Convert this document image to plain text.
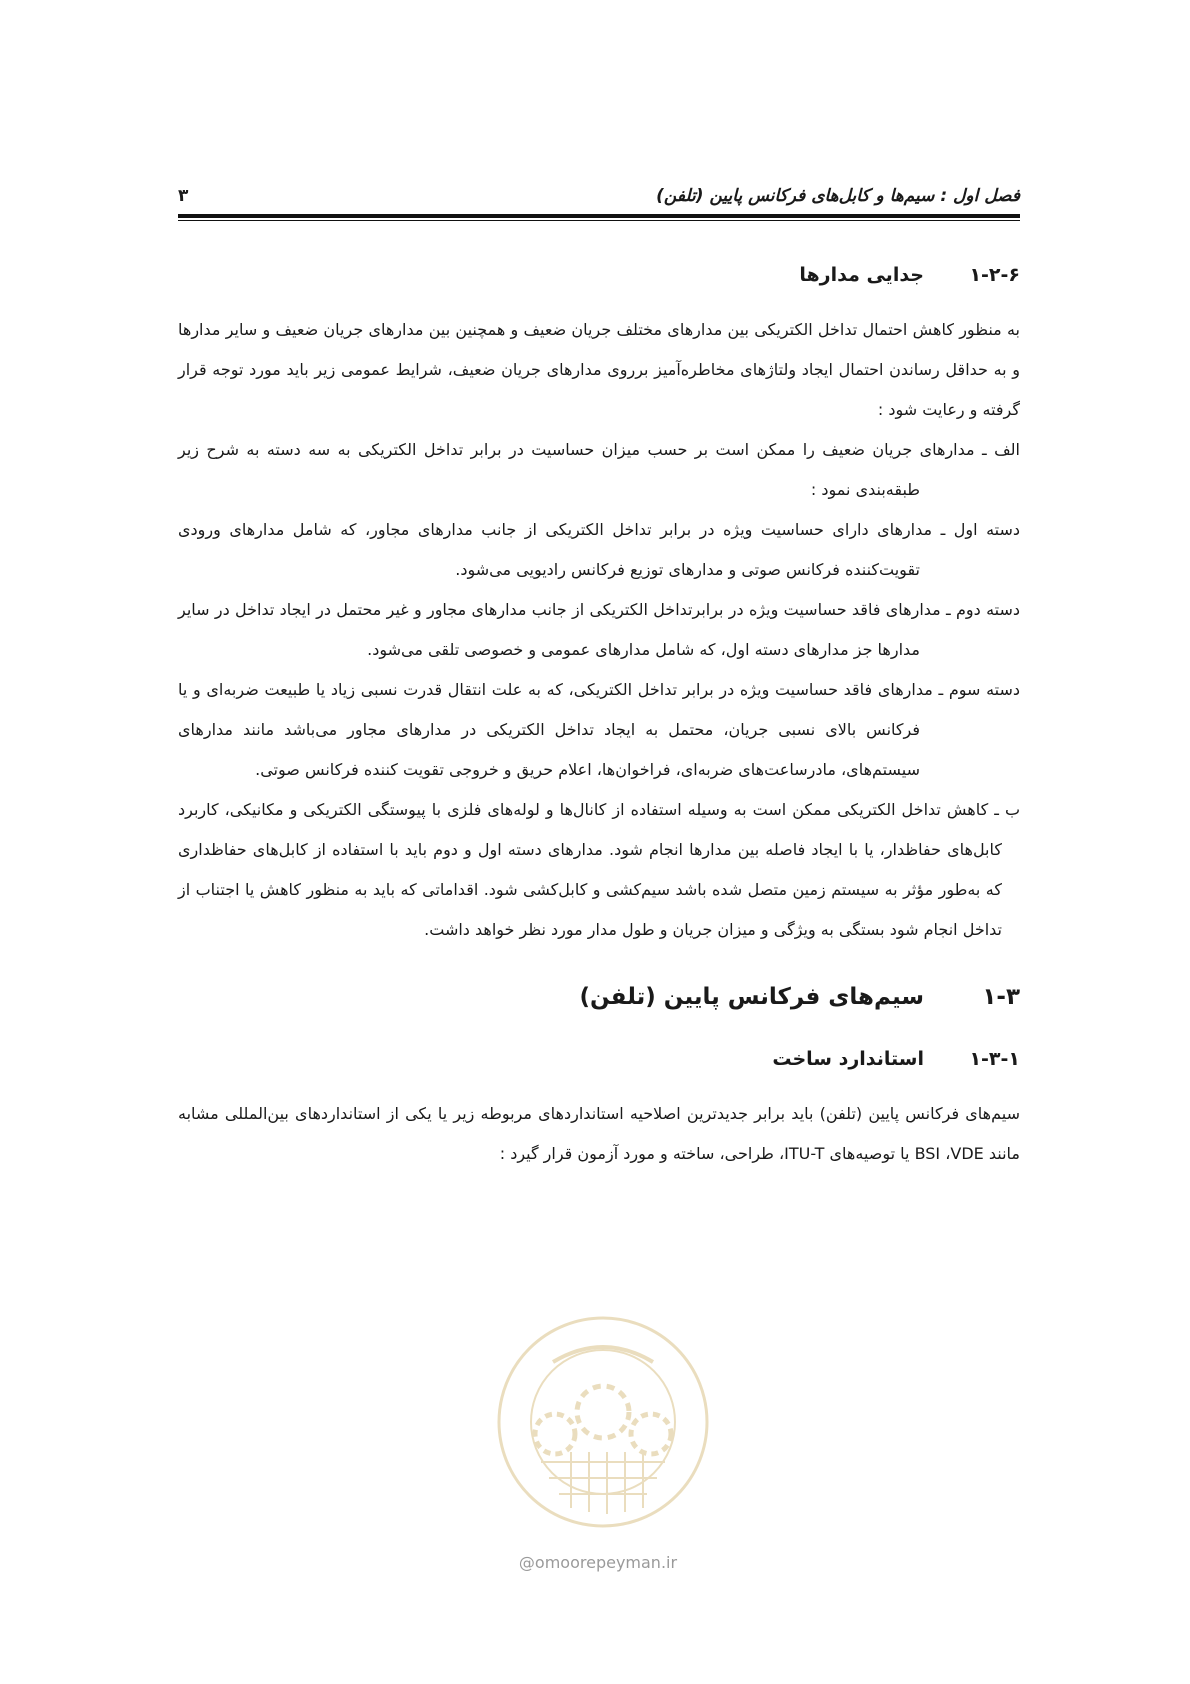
فصل اول : سیم‌ها و کابل‌های فرکانس پایین (تلفن)
۳
۱-۲-۶
جدایی مدارها
به منظور کاهش احتمال تداخل الکتریکی بین مدارهای مختلف جریان ضعیف و همچنین بین مدارهای جریان ضعیف و سایر مدارها و به حداقل رساندن احتمال ایجاد ولتاژهای مخاطره‌آمیز برروی مدارهای جریان ضعیف، شرایط عمومی زیر باید مورد توجه قرار گرفته و رعایت شود :
الف ـ مدارهای جریان ضعیف را ممکن است بر حسب میزان حساسیت در برابر تداخل الکتریکی به سه دسته به شرح زیر طبقه‌بندی نمود :
دسته اول ـ مدارهای دارای حساسیت ویژه در برابر تداخل الکتریکی از جانب مدارهای مجاور، که شامل مدارهای ورودی تقویت‌کننده فرکانس صوتی و مدارهای توزیع فرکانس رادیویی می‌شود.
دسته دوم ـ مدارهای فاقد حساسیت ویژه در برابرتداخل الکتریکی از جانب مدارهای مجاور و غیر محتمل در ایجاد تداخل در سایر مدارها جز مدارهای دسته اول، که شامل مدارهای عمومی و خصوصی تلقی می‌شود.
دسته سوم ـ مدارهای فاقد حساسیت ویژه در برابر تداخل الکتریکی، که به علت انتقال قدرت نسبی زیاد یا طبیعت ضربه‌ای و یا فرکانس بالای نسبی جریان، محتمل به ایجاد تداخل الکتریکی در مدارهای مجاور می‌باشد مانند مدارهای سیستم‌های، مادرساعت‌های ضربه‌ای، فراخوان‌ها، اعلام حریق و خروجی تقویت کننده فرکانس صوتی.
ب ـ کاهش تداخل الکتریکی ممکن است به وسیله استفاده از کانال‌ها و لوله‌های فلزی با پیوستگی الکتریکی و مکانیکی، کاربرد کابل‌های حفاظدار، یا با ایجاد فاصله بین مدارها انجام شود. مدارهای دسته اول و دوم باید با استفاده از کابل‌های حفاظداری که به‌طور مؤثر به سیستم زمین متصل شده باشد سیم‌کشی و کابل‌کشی شود. اقداماتی که باید به منظور کاهش یا اجتناب از تداخل انجام شود بستگی به ویژگی و میزان جریان و طول مدار مورد نظر خواهد داشت.
۱-۳
سیم‌های فرکانس پایین (تلفن)
۱-۳-۱
استاندارد ساخت
سیم‌های فرکانس پایین (تلفن) باید برابر جدیدترین اصلاحیه استانداردهای مربوطه زیر یا یکی از استانداردهای بین‌المللی مشابه مانند BSI ،VDE یا توصیه‌های ITU-T، طراحی، ساخته و مورد آزمون قرار گیرد :
@omoorepeyman.ir
